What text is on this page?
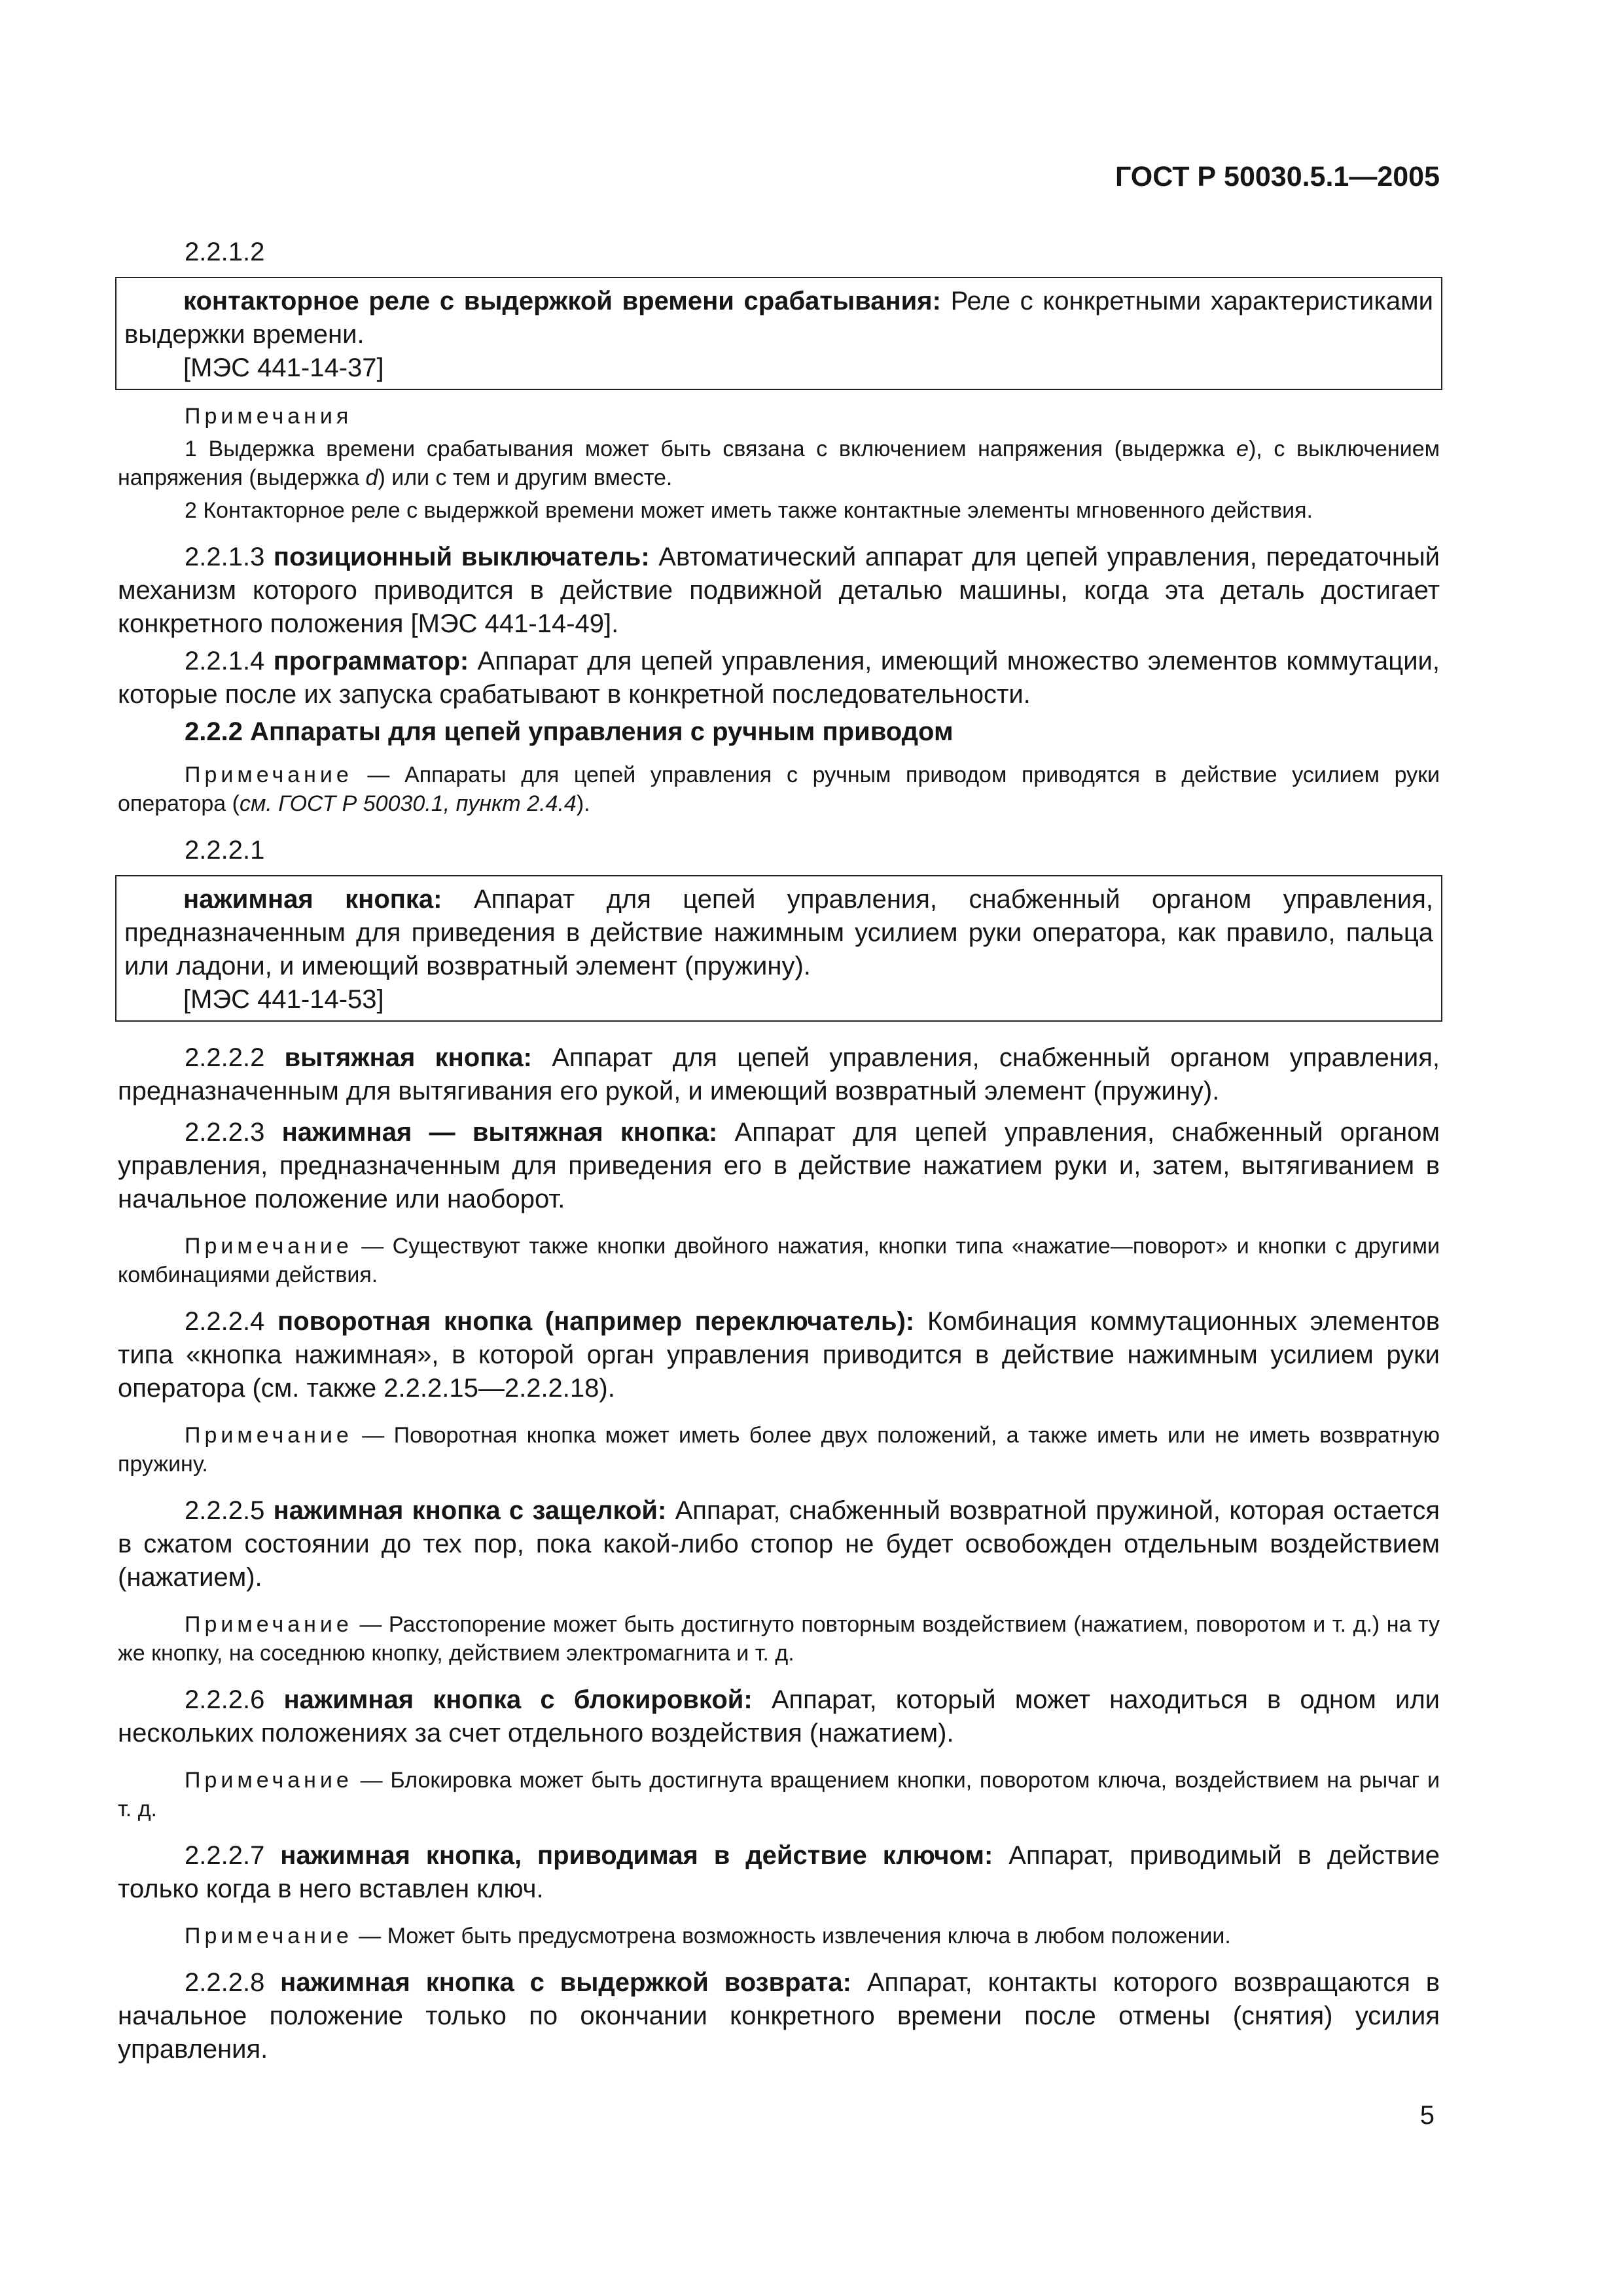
ГОСТ Р 50030.5.1—2005

2.2.1.2

контакторное реле с выдержкой времени срабатывания: Реле с конкретными характеристиками выдержки времени.

[МЭС 441-14-37]

Примечания

1 Выдержка времени срабатывания может быть связана с включением напряжения (выдержка e), с выключением напряжения (выдержка d) или с тем и другим вместе.

2 Контакторное реле с выдержкой времени может иметь также контактные элементы мгновенного действия.

2.2.1.3 позиционный выключатель: Автоматический аппарат для цепей управления, передаточный механизм которого приводится в действие подвижной деталью машины, когда эта деталь достигает конкретного положения [МЭС 441-14-49].

2.2.1.4 программатор: Аппарат для цепей управления, имеющий множество элементов коммутации, которые после их запуска срабатывают в конкретной последовательности.

2.2.2 Аппараты для цепей управления с ручным приводом

Примечание — Аппараты для цепей управления с ручным приводом приводятся в действие усилием руки оператора (см. ГОСТ Р 50030.1, пункт 2.4.4).

2.2.2.1

нажимная кнопка: Аппарат для цепей управления, снабженный органом управления, предназначенным для приведения в действие нажимным усилием руки оператора, как правило, пальца или ладони, и имеющий возвратный элемент (пружину).

[МЭС 441-14-53]

2.2.2.2 вытяжная кнопка: Аппарат для цепей управления, снабженный органом управления, предназначенным для вытягивания его рукой, и имеющий возвратный элемент (пружину).

2.2.2.3 нажимная — вытяжная кнопка: Аппарат для цепей управления, снабженный органом управления, предназначенным для приведения его в действие нажатием руки и, затем, вытягиванием в начальное положение или наоборот.

Примечание — Существуют также кнопки двойного нажатия, кнопки типа «нажатие—поворот» и кнопки с другими комбинациями действия.

2.2.2.4 поворотная кнопка (например переключатель): Комбинация коммутационных элементов типа «кнопка нажимная», в которой орган управления приводится в действие нажимным усилием руки оператора (см. также 2.2.2.15—2.2.2.18).

Примечание — Поворотная кнопка может иметь более двух положений, а также иметь или не иметь возвратную пружину.

2.2.2.5 нажимная кнопка с защелкой: Аппарат, снабженный возвратной пружиной, которая остается в сжатом состоянии до тех пор, пока какой-либо стопор не будет освобожден отдельным воздействием (нажатием).

Примечание — Расстопорение может быть достигнуто повторным воздействием (нажатием, поворотом и т. д.) на ту же кнопку, на соседнюю кнопку, действием электромагнита и т. д.

2.2.2.6 нажимная кнопка с блокировкой: Аппарат, который может находиться в одном или нескольких положениях за счет отдельного воздействия (нажатием).

Примечание — Блокировка может быть достигнута вращением кнопки, поворотом ключа, воздействием на рычаг и т. д.

2.2.2.7 нажимная кнопка, приводимая в действие ключом: Аппарат, приводимый в действие только когда в него вставлен ключ.

Примечание — Может быть предусмотрена возможность извлечения ключа в любом положении.

2.2.2.8 нажимная кнопка с выдержкой возврата: Аппарат, контакты которого возвращаются в начальное положение только по окончании конкретного времени после отмены (снятия) усилия управления.

5
